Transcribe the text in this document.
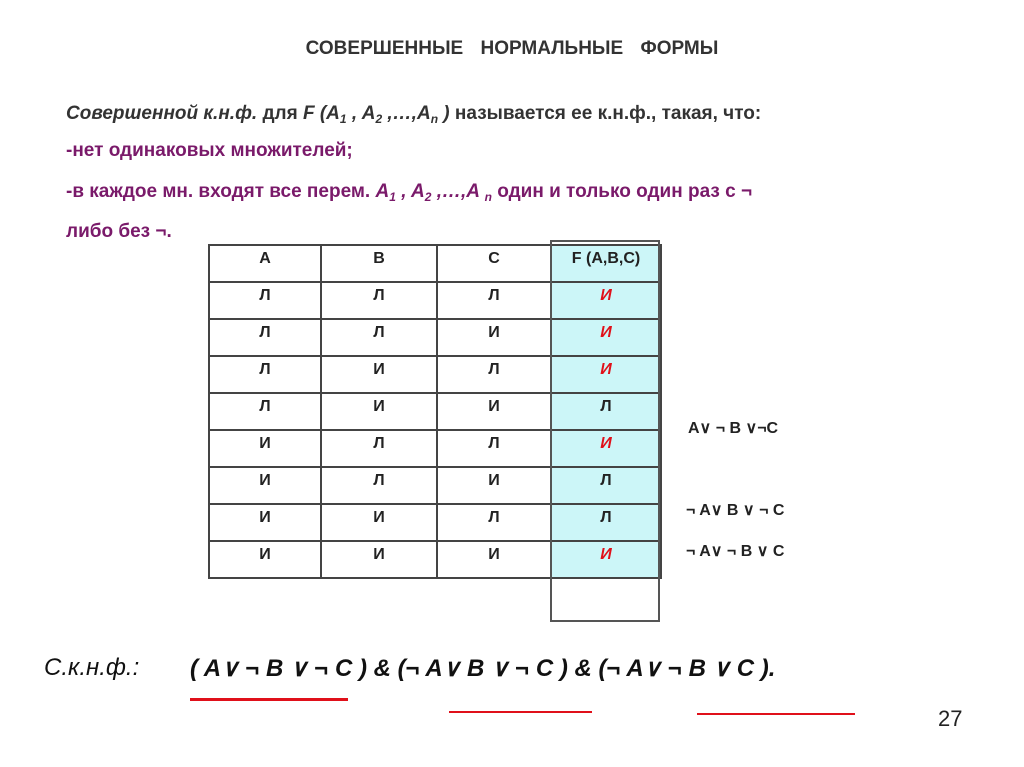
СОВЕРШЕННЫЕ НОРМАЛЬНЫЕ ФОРМЫ
Совершенной к.н.ф. для F ($A_1$ , $A_2$ $,\dots,A_n$ ) называется ее к.н.ф., такая, что:
-нет одинаковых множителей;
-в каждое мн. входят все перем. $A_1$ , $A_2$ ,…,A $_n$ один и только один раз с ¬
либо без ¬.
A	B	C	F (A,B,C)
Л	Л	Л	И
Л	Л	И	И
Л	И	Л	И
Л	И	И	Л
И	Л	Л	И
И	Л	И	Л
И	И	Л	Л
И	И	И	И
A∨ ¬ B ∨¬C
¬ A∨ B ∨ ¬ C
¬ A∨ ¬ B ∨ C
С.к.н.ф.: ( A∨ ¬ B ∨ ¬ C ) & (¬ A∨ B ∨ ¬ C ) & (¬ A∨ ¬ B ∨ C ).
27
